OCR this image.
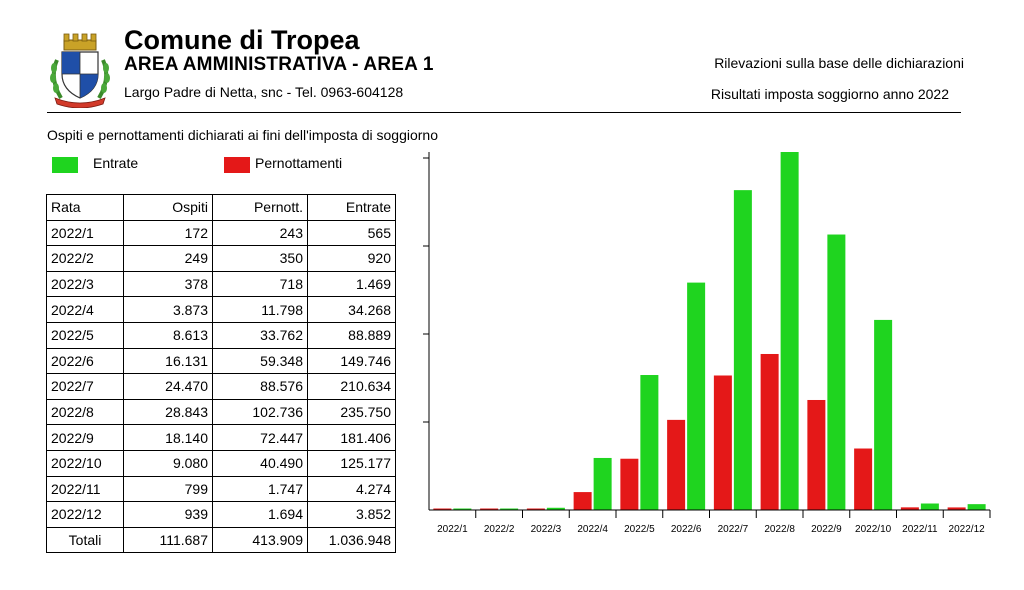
Comune di Tropea
AREA AMMINISTRATIVA - AREA 1
Largo Padre di Netta, snc - Tel. 0963-604128
Rilevazioni sulla base delle dichiarazioni
Risultati imposta soggiorno anno 2022
Ospiti e pernottamenti dichiarati ai fini dell'imposta di soggiorno
Entrate	Pernottamenti
Rata	Ospiti	Pernott.	Entrate
2022/1	172	243	565
2022/2	249	350	920
2022/3	378	718	1.469
2022/4	3.873	11.798	34.268
2022/5	8.613	33.762	88.889
2022/6	16.131	59.348	149.746
2022/7	24.470	88.576	210.634
2022/8	28.843	102.736	235.750
2022/9	18.140	72.447	181.406
2022/10	9.080	40.490	125.177
2022/11	799	1.747	4.274
2022/12	939	1.694	3.852
Totali	111.687	413.909	1.036.948
2022/1 2022/2 2022/3 2022/4 2022/5 2022/6 2022/7 2022/8 2022/9 2022/10 2022/11 2022/12
